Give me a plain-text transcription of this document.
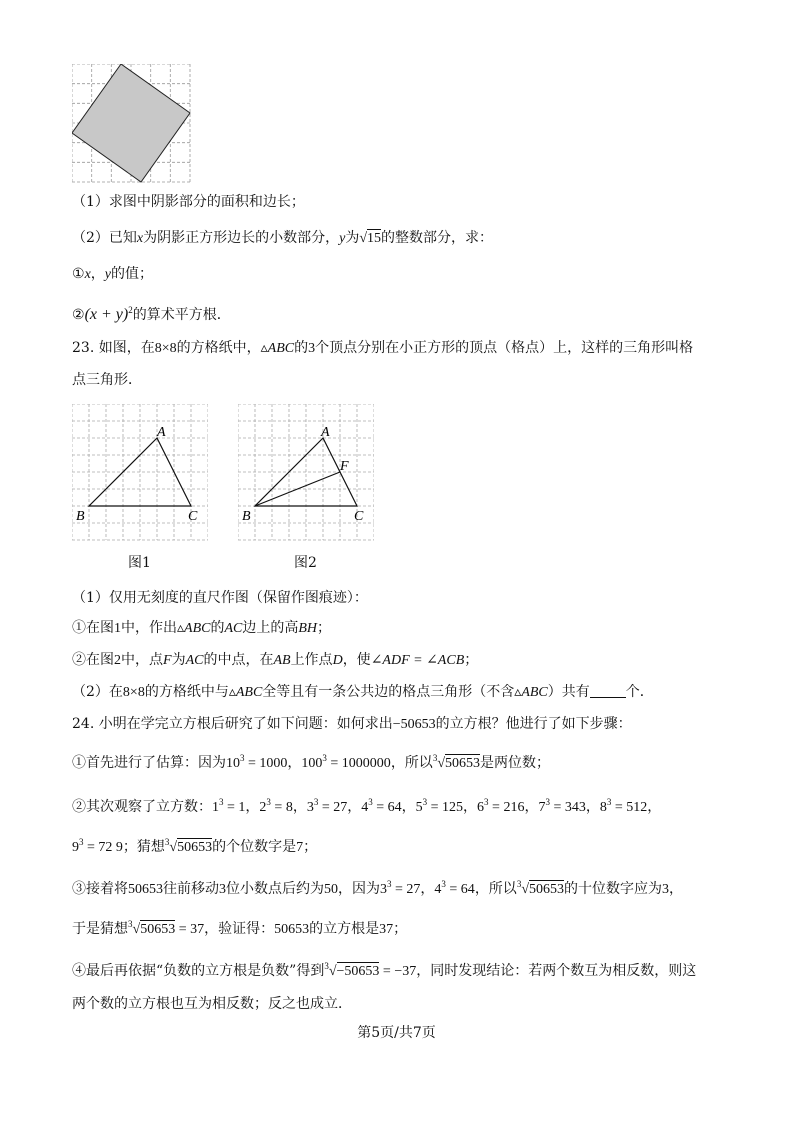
（1）求图中阴影部分的面积和边长；
（2）已知x为阴影正方形边长的小数部分，y为√15的整数部分，求：
①x，y的值；
②(x + y)$^2$的算术平方根．
23. 如图，在8×8的方格纸中，▵ABC的3个顶点分别在小正方形的顶点（格点）上，这样的三角形叫格
点三角形．
A
B	C
图1
A
F
B	C
图2
（1）仅用无刻度的直尺作图（保留作图痕迹）：
①在图1中，作出▵ABC的AC边上的高BH；
②在图2中，点F为AC的中点，在AB上作点D，使∠ADF = ∠ACB；
（2）在8×8的方格纸中与▵ABC全等且有一条公共边的格点三角形（不含▵ABC）共有	个．
24. 小明在学完立方根后研究了如下问题：如何求出−50653的立方根？他进行了如下步骤：
①首先进行了估算：因为$10^3 = 1000$，$100^3 = 1000000$，所以$^3$√50653是两位数；
②其次观察了立方数：$1^3 = 1$，$2^3 = 8$，$3^3 = 27$，$4^3 = 64$，$5^3 = 125$，$6^3 = 216$，$7^3 = 343$，$8^3 = 512$，
$9^3 = 72$ 9；猜想$^3$√50653的个位数字是7；
③接着将50653往前移动3位小数点后约为50，因为$3^3 = 27$，$4^3 = 64$，所以$^3$√50653的十位数字应为3，
于是猜想$^3$√50653 = 37，验证得：50653的立方根是37；
④最后再依据“负数的立方根是负数”得到$^3$√−50653 = −37，同时发现结论：若两个数互为相反数，则这
两个数的立方根也互为相反数；反之也成立．
第5页/共7页
